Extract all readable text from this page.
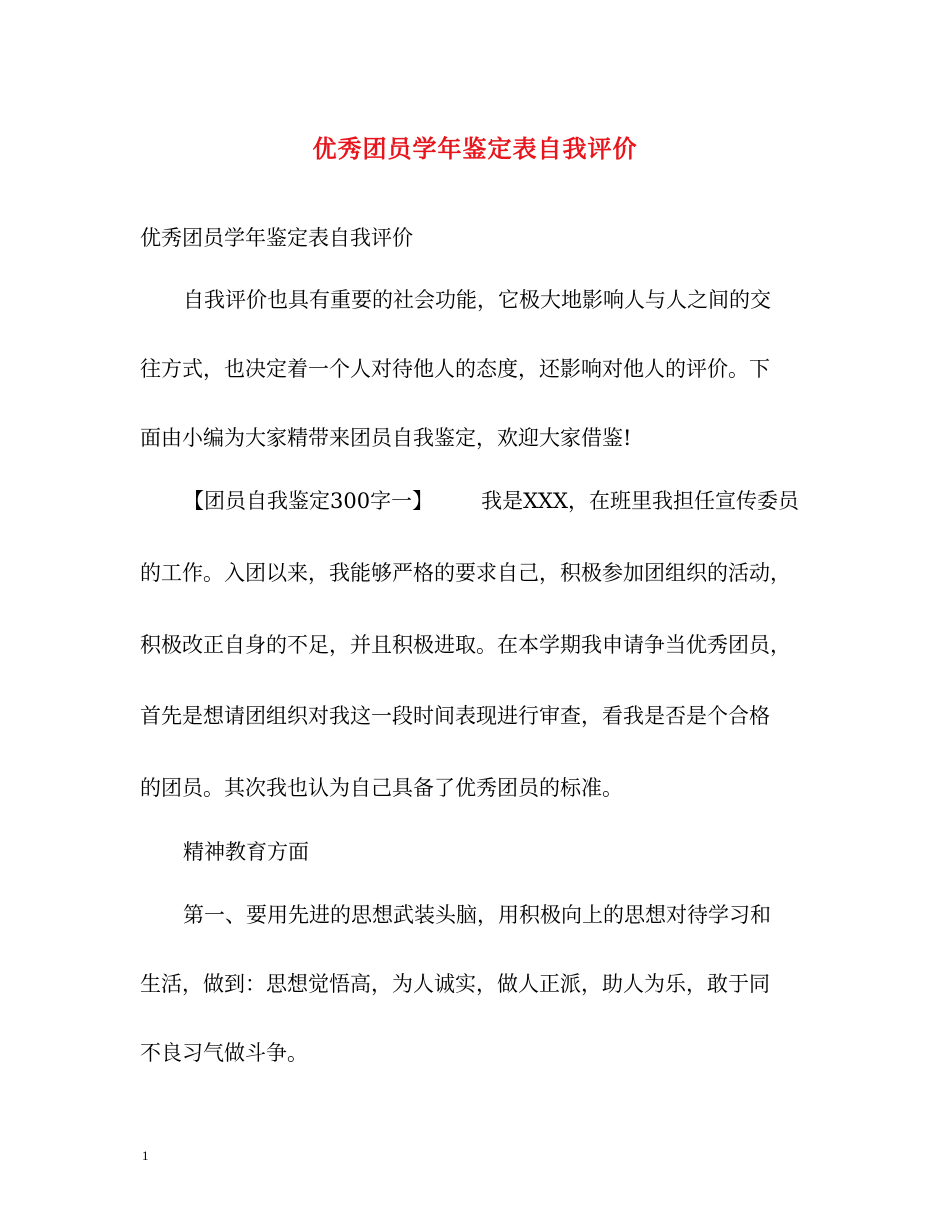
优秀团员学年鉴定表自我评价
优秀团员学年鉴定表自我评价
自我评价也具有重要的社会功能，它极大地影响人与人之间的交
往方式，也决定着一个人对待他人的态度，还影响对他人的评价。下
面由小编为大家精带来团员自我鉴定，欢迎大家借鉴!
【团员自我鉴定300字一】 我是XXX，在班里我担任宣传委员
的工作。入团以来，我能够严格的要求自己，积极参加团组织的活动，
积极改正自身的不足，并且积极进取。在本学期我申请争当优秀团员，
首先是想请团组织对我这一段时间表现进行审查，看我是否是个合格
的团员。其次我也认为自己具备了优秀团员的标准。
精神教育方面
第一、要用先进的思想武装头脑，用积极向上的思想对待学习和
生活，做到：思想觉悟高，为人诚实，做人正派，助人为乐，敢于同
不良习气做斗争。
1
